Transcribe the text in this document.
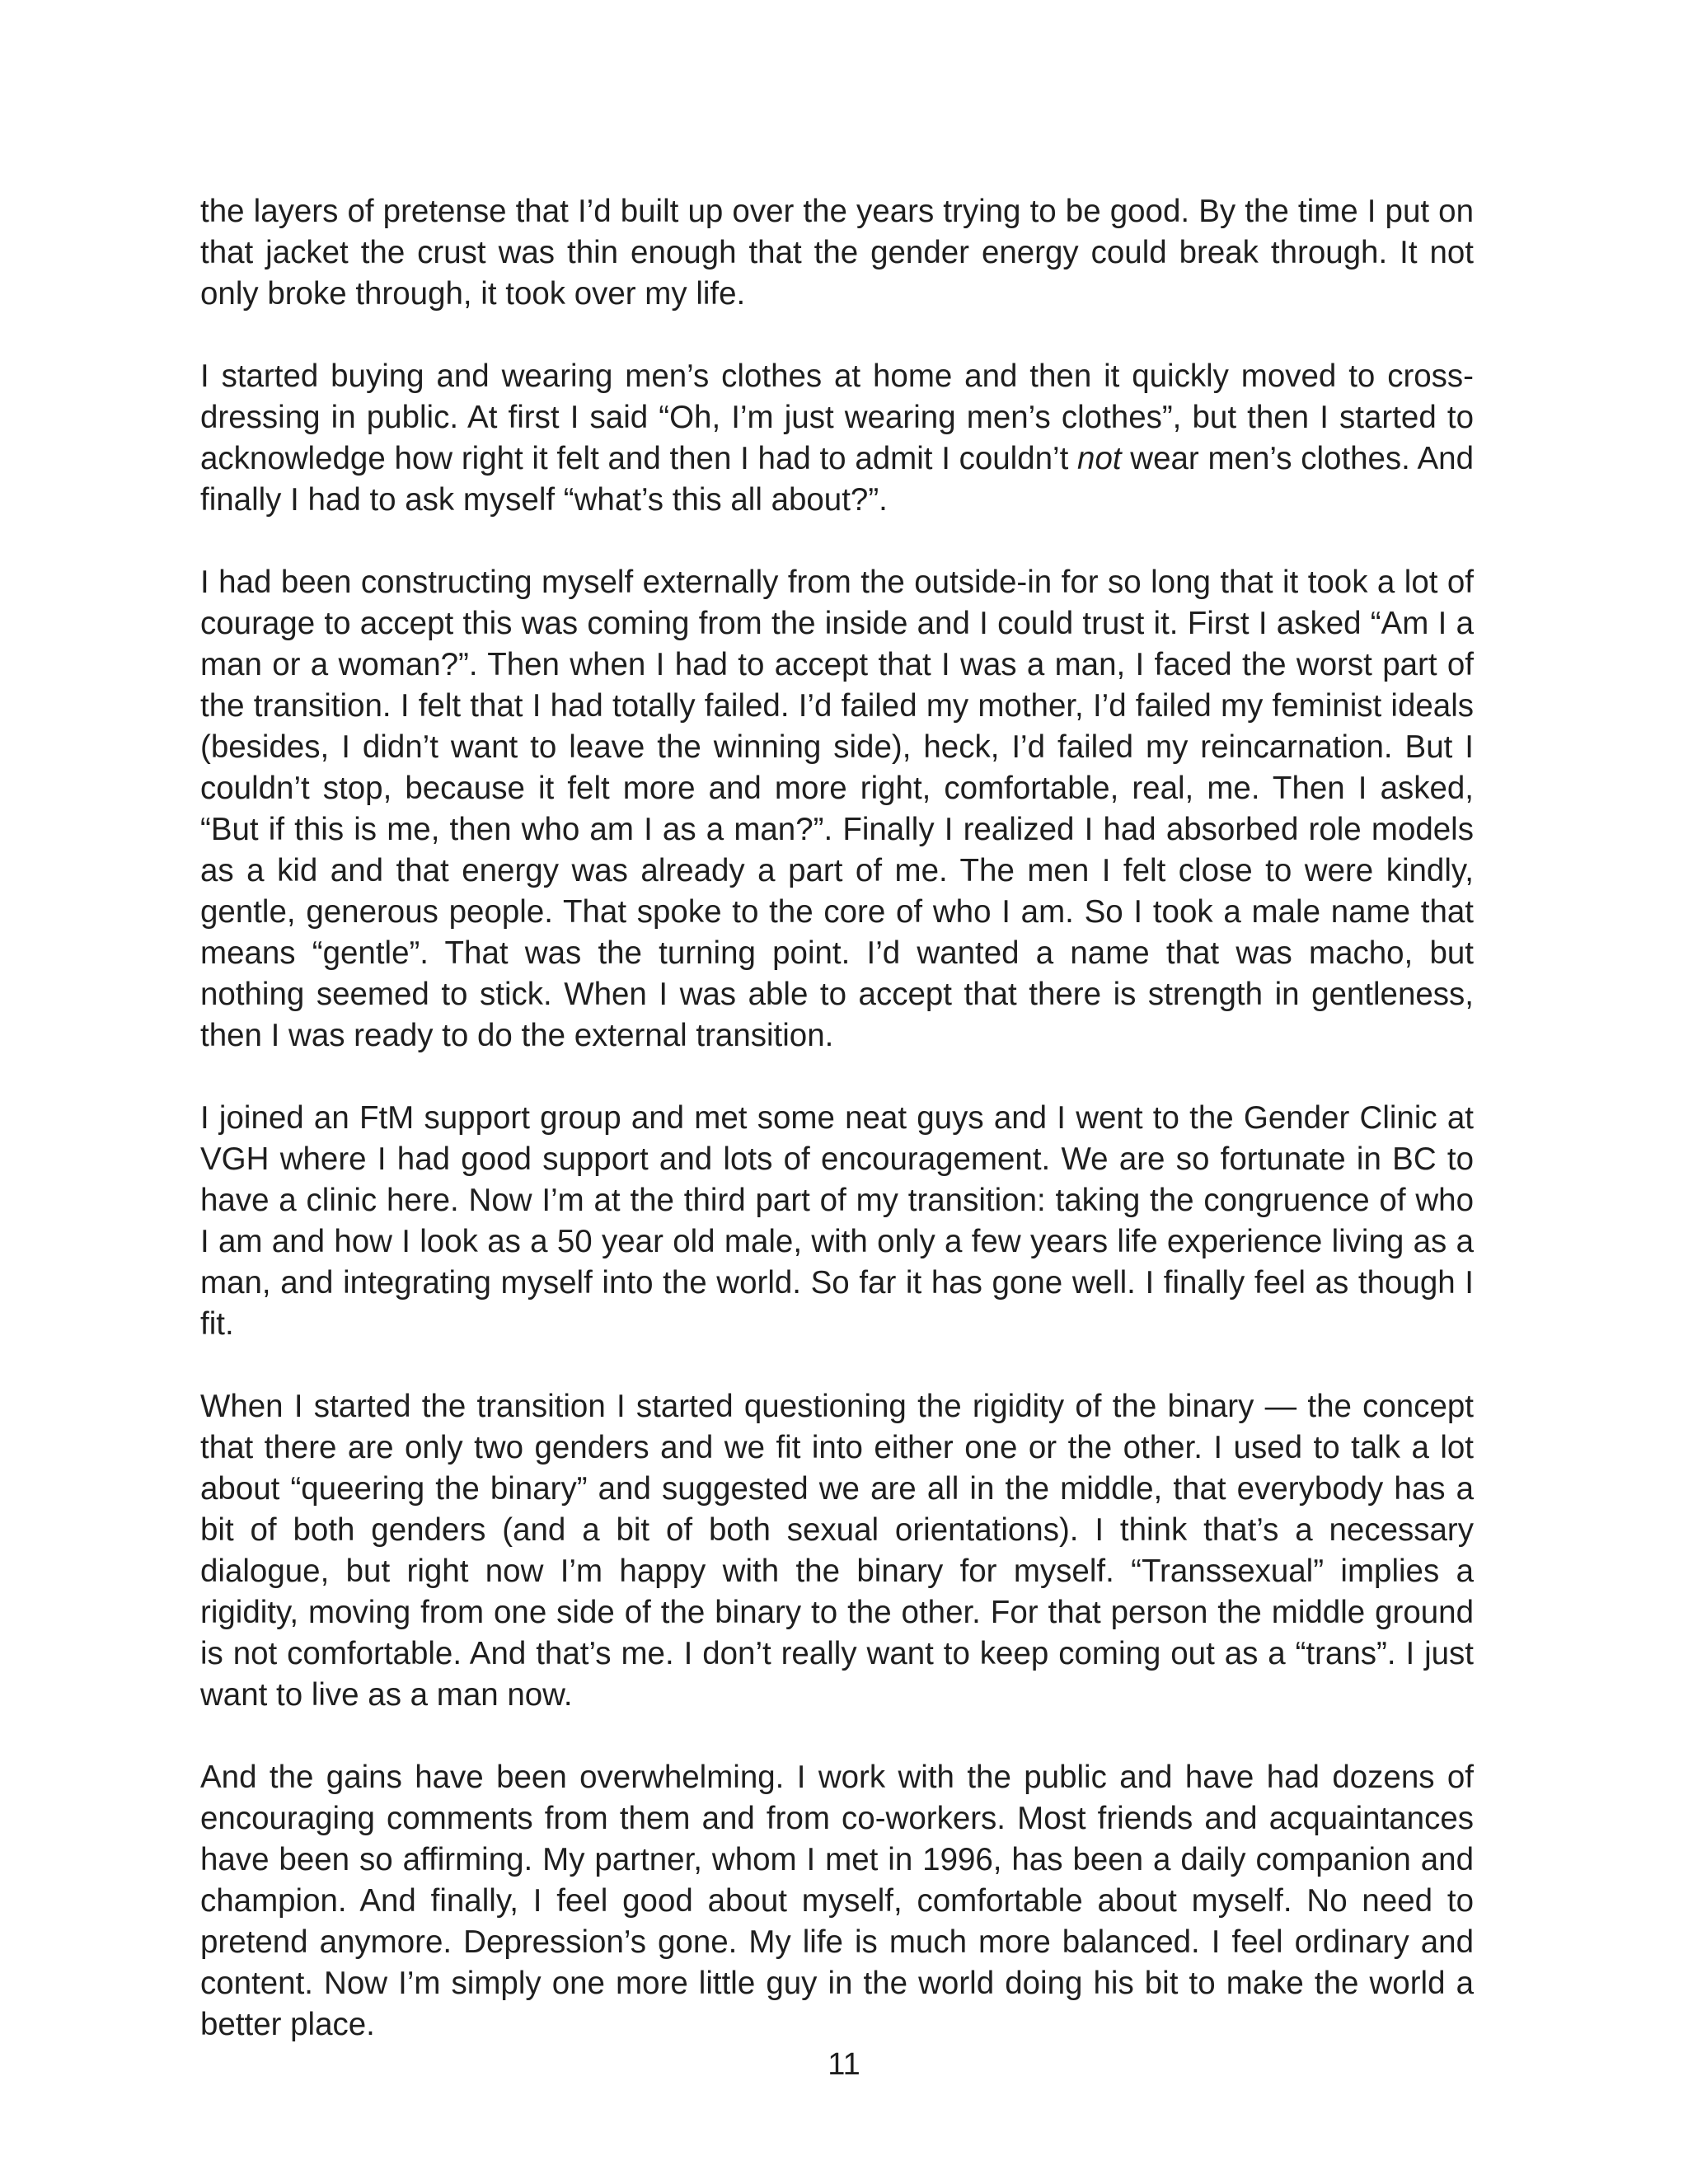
the layers of pretense that I’d built up over the years trying to be good. By the time I put on that jacket the crust was thin enough that the gender energy could break through. It not only broke through, it took over my life.

I started buying and wearing men’s clothes at home and then it quickly moved to cross-dressing in public. At first I said “Oh, I’m just wearing men’s clothes”, but then I started to acknowledge how right it felt and then I had to admit I couldn’t not wear men’s clothes. And finally I had to ask myself “what’s this all about?”.

I had been constructing myself externally from the outside-in for so long that it took a lot of courage to accept this was coming from the inside and I could trust it. First I asked “Am I a man or a woman?”. Then when I had to accept that I was a man, I faced the worst part of the transition. I felt that I had totally failed. I’d failed my mother, I’d failed my feminist ideals (besides, I didn’t want to leave the winning side), heck, I’d failed my reincarnation. But I couldn’t stop, because it felt more and more right, comfortable, real, me. Then I asked, “But if this is me, then who am I as a man?”. Finally I realized I had absorbed role models as a kid and that energy was already a part of me. The men I felt close to were kindly, gentle, generous people. That spoke to the core of who I am. So I took a male name that means “gentle”. That was the turning point. I’d wanted a name that was macho, but nothing seemed to stick. When I was able to accept that there is strength in gentleness, then I was ready to do the external transition.

I joined an FtM support group and met some neat guys and I went to the Gender Clinic at VGH where I had good support and lots of encouragement. We are so fortunate in BC to have a clinic here. Now I’m at the third part of my transition: taking the congruence of who I am and how I look as a 50 year old male, with only a few years life experience living as a man, and integrating myself into the world. So far it has gone well. I finally feel as though I fit.

When I started the transition I started questioning the rigidity of the binary — the concept that there are only two genders and we fit into either one or the other. I used to talk a lot about “queering the binary” and suggested we are all in the middle, that everybody has a bit of both genders (and a bit of both sexual orientations). I think that’s a necessary dialogue, but right now I’m happy with the binary for myself. “Transsexual” implies a rigidity, moving from one side of the binary to the other. For that person the middle ground is not comfortable. And that’s me. I don’t really want to keep coming out as a “trans”. I just want to live as a man now.

And the gains have been overwhelming. I work with the public and have had dozens of encouraging comments from them and from co-workers. Most friends and acquaintances have been so affirming. My partner, whom I met in 1996, has been a daily companion and champion. And finally, I feel good about myself, comfortable about myself. No need to pretend anymore. Depression’s gone. My life is much more balanced. I feel ordinary and content. Now I’m simply one more little guy in the world doing his bit to make the world a better place.

11
